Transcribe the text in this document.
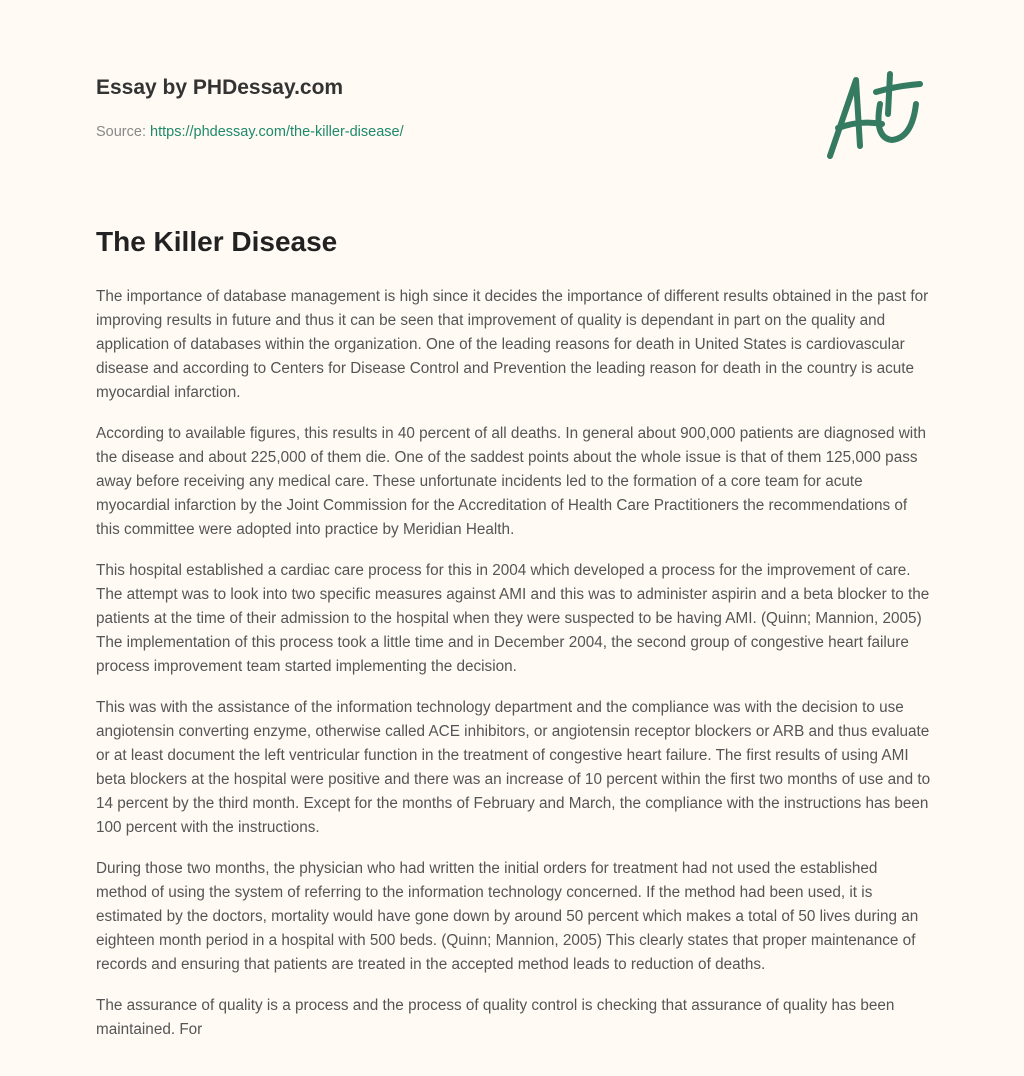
Essay by PHDessay.com
Source: https://phdessay.com/the-killer-disease/
The Killer Disease

The importance of database management is high since it decides the importance of different results obtained in the past for improving results in future and thus it can be seen that improvement of quality is dependant in part on the quality and application of databases within the organization. One of the leading reasons for death in United States is cardiovascular disease and according to Centers for Disease Control and Prevention the leading reason for death in the country is acute myocardial infarction.

According to available figures, this results in 40 percent of all deaths. In general about 900,000 patients are diagnosed with the disease and about 225,000 of them die. One of the saddest points about the whole issue is that of them 125,000 pass away before receiving any medical care. These unfortunate incidents led to the formation of a core team for acute myocardial infarction by the Joint Commission for the Accreditation of Health Care Practitioners the recommendations of this committee were adopted into practice by Meridian Health.

This hospital established a cardiac care process for this in 2004 which developed a process for the improvement of care. The attempt was to look into two specific measures against AMI and this was to administer aspirin and a beta blocker to the patients at the time of their admission to the hospital when they were suspected to be having AMI. (Quinn; Mannion, 2005) The implementation of this process took a little time and in December 2004, the second group of congestive heart failure process improvement team started implementing the decision.

This was with the assistance of the information technology department and the compliance was with the decision to use angiotensin converting enzyme, otherwise called ACE inhibitors, or angiotensin receptor blockers or ARB and thus evaluate or at least document the left ventricular function in the treatment of congestive heart failure. The first results of using AMI beta blockers at the hospital were positive and there was an increase of 10 percent within the first two months of use and to 14 percent by the third month. Except for the months of February and March, the compliance with the instructions has been 100 percent with the instructions.

During those two months, the physician who had written the initial orders for treatment had not used the established method of using the system of referring to the information technology concerned. If the method had been used, it is estimated by the doctors, mortality would have gone down by around 50 percent which makes a total of 50 lives during an eighteen month period in a hospital with 500 beds. (Quinn; Mannion, 2005) This clearly states that proper maintenance of records and ensuring that patients are treated in the accepted method leads to reduction of deaths.

The assurance of quality is a process and the process of quality control is checking that assurance of quality has been maintained. For
